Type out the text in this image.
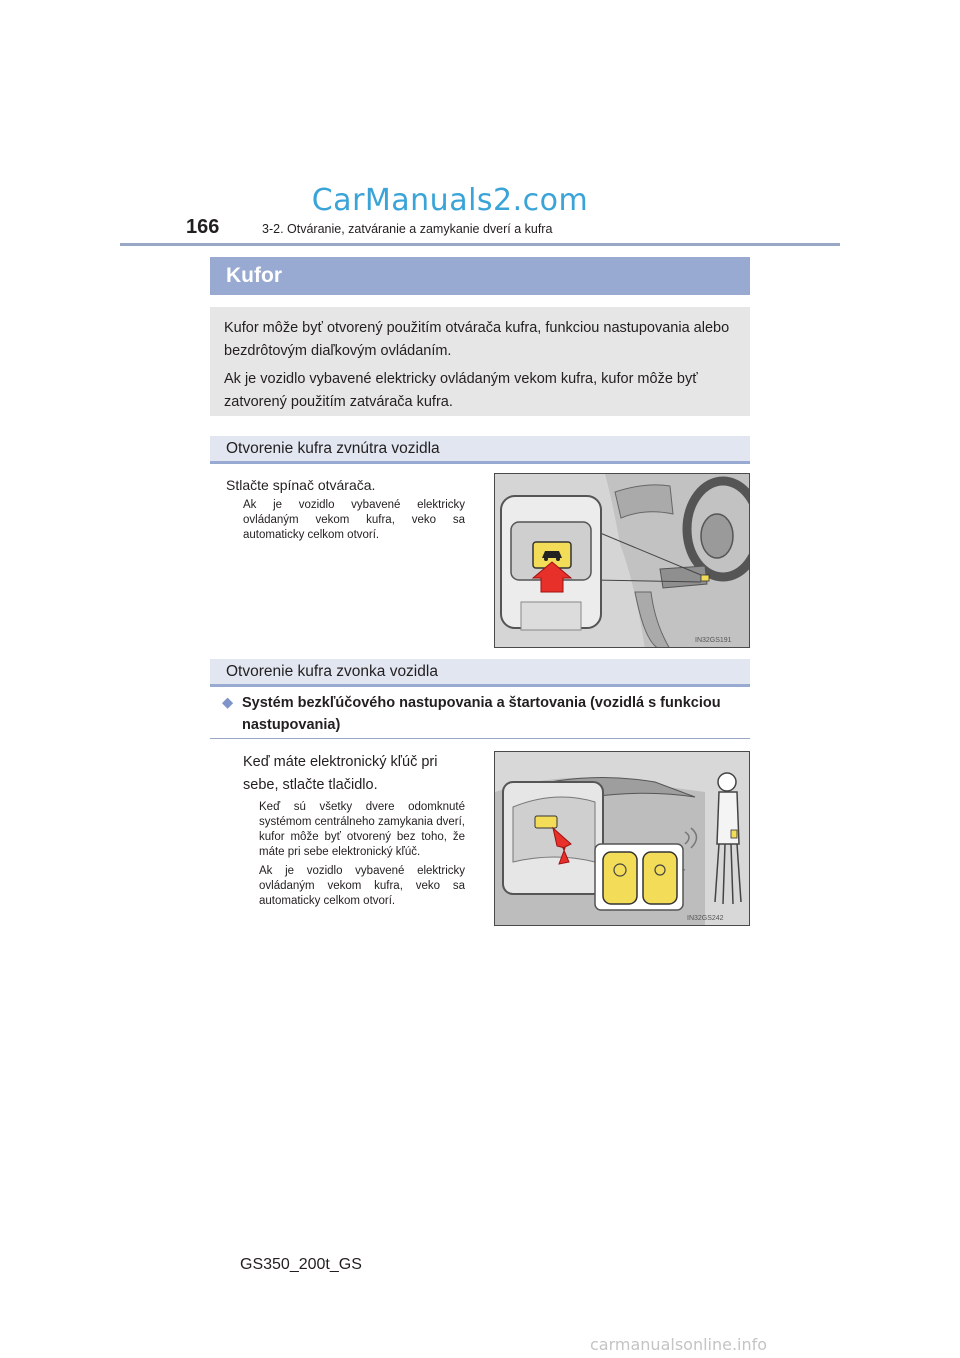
CarManuals2.com
166	3-2. Otváranie, zatváranie a zamykanie dverí a kufra
Kufor

Kufor môže byť otvorený použitím otvárača kufra, funkciou nastupovania alebo bezdrôtovým diaľkovým ovládaním.

Ak je vozidlo vybavené elektricky ovládaným vekom kufra, kufor môže byť zatvorený použitím zatvárača kufra.

Otvorenie kufra zvnútra vozidla
Stlačte spínač otvárača.
Ak je vozidlo vybavené elektricky ovládaným vekom kufra, veko sa automaticky celkom otvorí.
IN32GS191
Otvorenie kufra zvonka vozidla
◆ Systém bezkľúčového nastupovania a štartovania (vozidlá s funkciou nastupovania)
Keď máte elektronický kľúč pri sebe, stlačte tlačidlo.

Keď sú všetky dvere odomknuté systémom centrálneho zamykania dverí, kufor môže byť otvorený bez toho, že máte pri sebe elektronický kľúč.

Ak je vozidlo vybavené elektricky ovládaným vekom kufra, veko sa automaticky celkom otvorí.

IN32GS242
GS350_200t_GS
carmanualsonline.info
